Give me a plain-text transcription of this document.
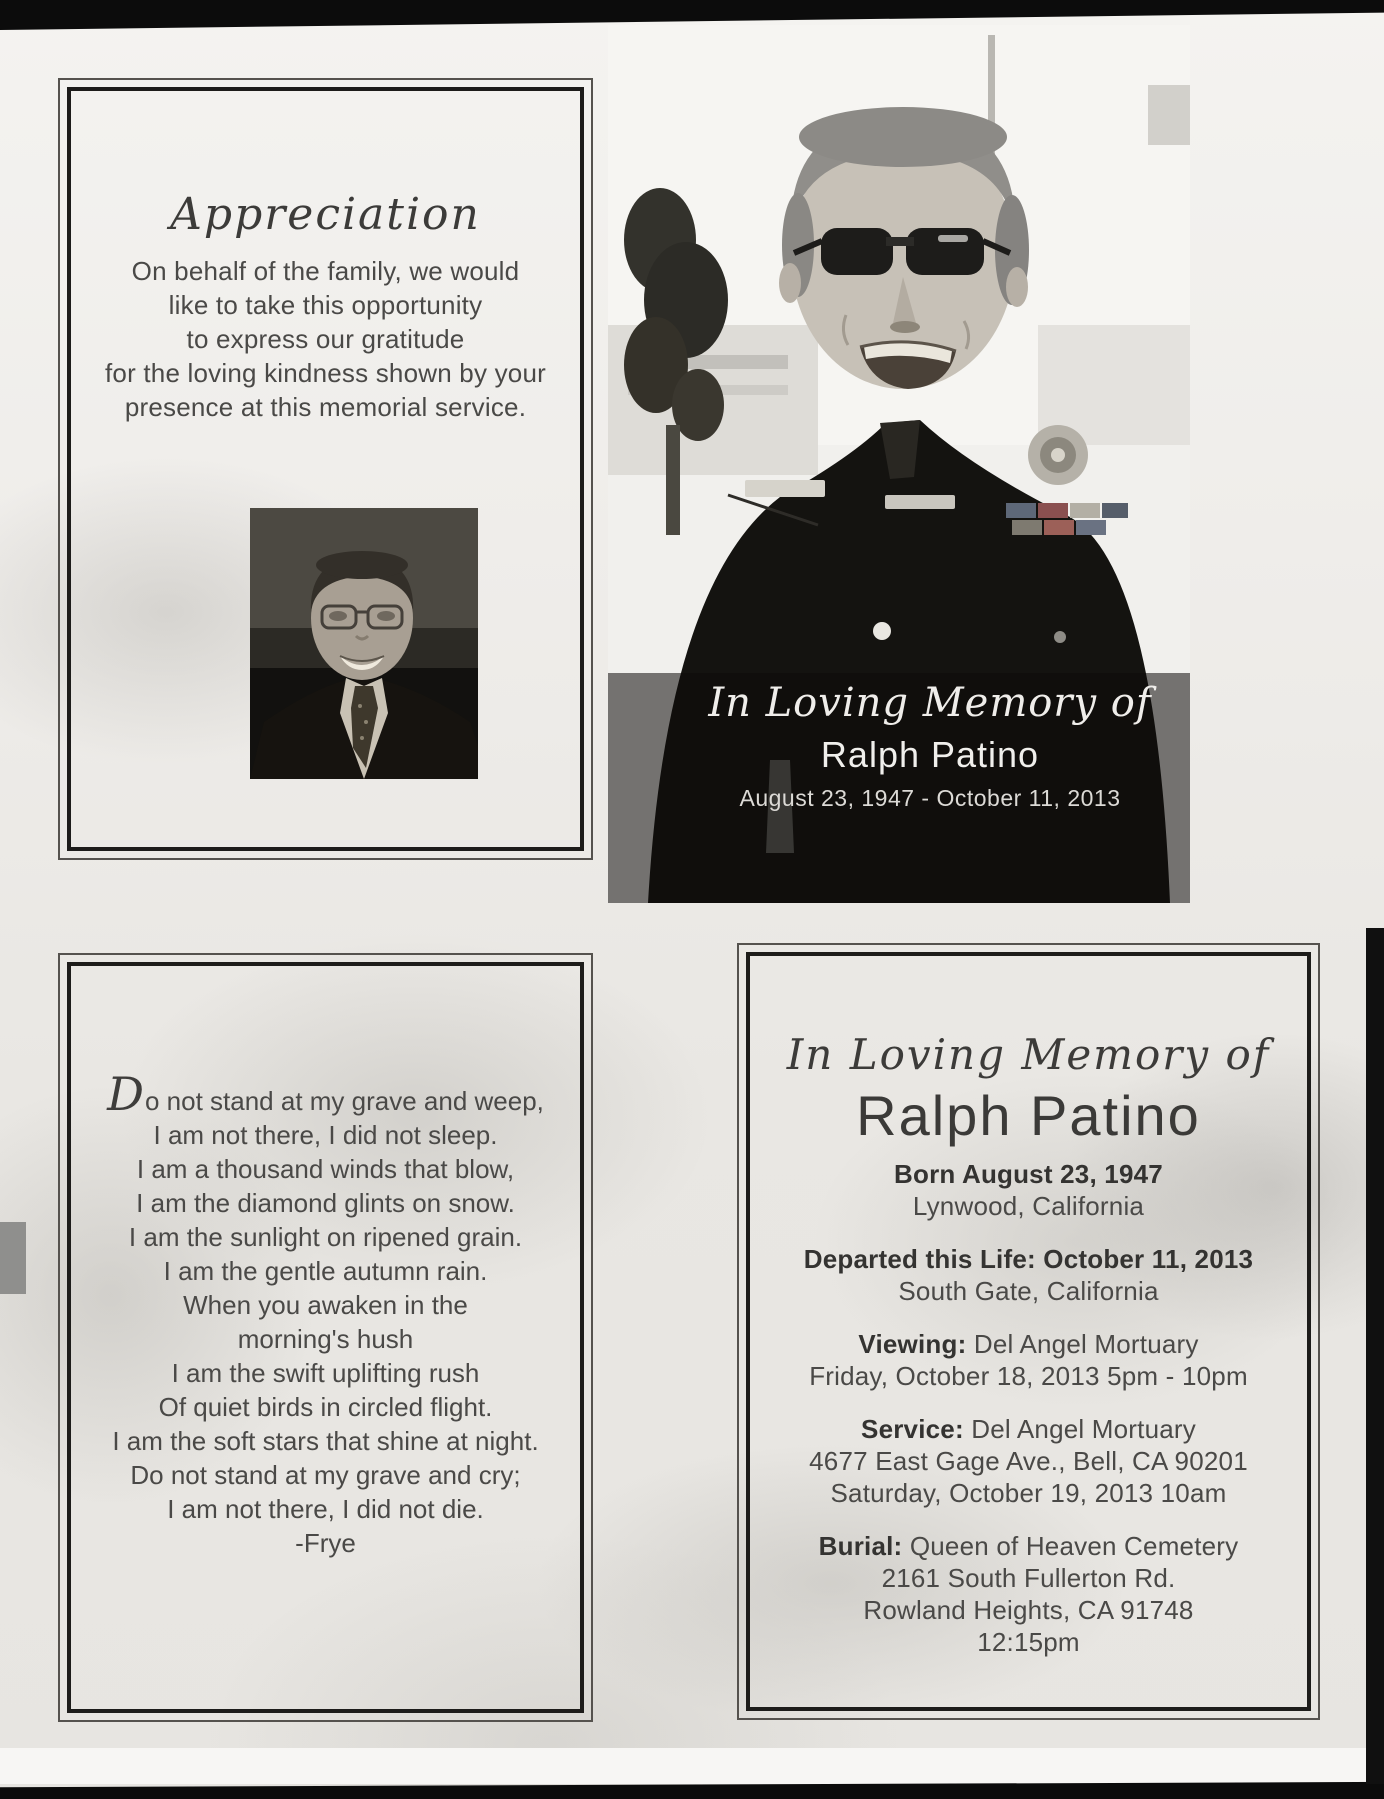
Appreciation

On behalf of the family, we would

like to take this opportunity

to express our gratitude

for the loving kindness shown by your

presence at this memorial service.

In Loving Memory of
Ralph Patino
August 23, 1947 - October 11, 2013

Do not stand at my grave and weep,

I am not there, I did not sleep.

I am a thousand winds that blow,

I am the diamond glints on snow.

I am the sunlight on ripened grain.

I am the gentle autumn rain.

When you awaken in the

morning's hush

I am the swift uplifting rush

Of quiet birds in circled flight.

I am the soft stars that shine at night.

Do not stand at my grave and cry;

I am not there, I did not die.

-Frye

In Loving Memory of
Ralph Patino

Born August 23, 1947

Lynwood, California

Departed this Life: October 11, 2013

South Gate, California

Viewing: Del Angel Mortuary

Friday, October 18, 2013 5pm - 10pm

Service: Del Angel Mortuary

4677 East Gage Ave., Bell, CA 90201

Saturday, October 19, 2013 10am

Burial: Queen of Heaven Cemetery

2161 South Fullerton Rd.

Rowland Heights, CA 91748

12:15pm
